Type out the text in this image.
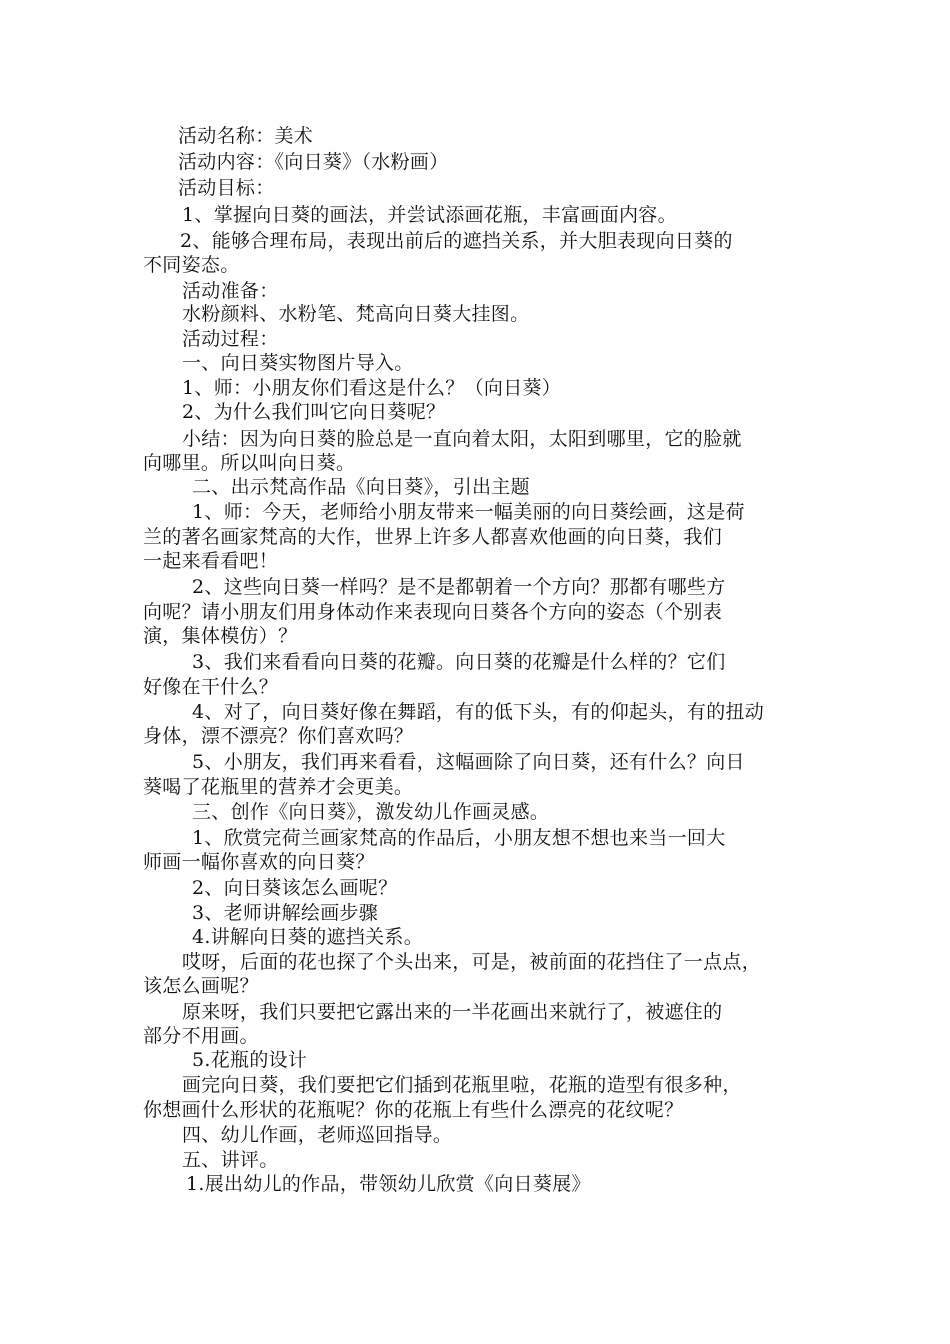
活动名称：美术
活动内容：《向日葵》（水粉画）
活动目标：
1、掌握向日葵的画法，并尝试添画花瓶，丰富画面内容。
2、能够合理布局，表现出前后的遮挡关系，并大胆表现向日葵的
不同姿态。
活动准备：
水粉颜料、水粉笔、梵高向日葵大挂图。
活动过程：
一、向日葵实物图片导入。
1、师：小朋友你们看这是什么？（向日葵）
2、为什么我们叫它向日葵呢？
小结：因为向日葵的脸总是一直向着太阳，太阳到哪里，它的脸就
向哪里。所以叫向日葵。
二、出示梵高作品《向日葵》，引出主题
1、师：今天，老师给小朋友带来一幅美丽的向日葵绘画，这是荷
兰的著名画家梵高的大作，世界上许多人都喜欢他画的向日葵，我们
一起来看看吧！
2、这些向日葵一样吗？是不是都朝着一个方向？那都有哪些方
向呢？请小朋友们用身体动作来表现向日葵各个方向的姿态（个别表
演，集体模仿）？
3、我们来看看向日葵的花瓣。向日葵的花瓣是什么样的？它们
好像在干什么？
4、对了，向日葵好像在舞蹈，有的低下头，有的仰起头，有的扭动
身体，漂不漂亮？你们喜欢吗？
5、小朋友，我们再来看看，这幅画除了向日葵，还有什么？向日
葵喝了花瓶里的营养才会更美。
三、创作《向日葵》，激发幼儿作画灵感。
1、欣赏完荷兰画家梵高的作品后，小朋友想不想也来当一回大
师画一幅你喜欢的向日葵？
2、向日葵该怎么画呢？
3、老师讲解绘画步骤
4.讲解向日葵的遮挡关系。
哎呀，后面的花也探了个头出来，可是，被前面的花挡住了一点点，
该怎么画呢？
原来呀，我们只要把它露出来的一半花画出来就行了，被遮住的
部分不用画。
5.花瓶的设计
画完向日葵，我们要把它们插到花瓶里啦，花瓶的造型有很多种，
你想画什么形状的花瓶呢？你的花瓶上有些什么漂亮的花纹呢？
四、幼儿作画，老师巡回指导。
五、讲评。
1.展出幼儿的作品，带领幼儿欣赏《向日葵展》
